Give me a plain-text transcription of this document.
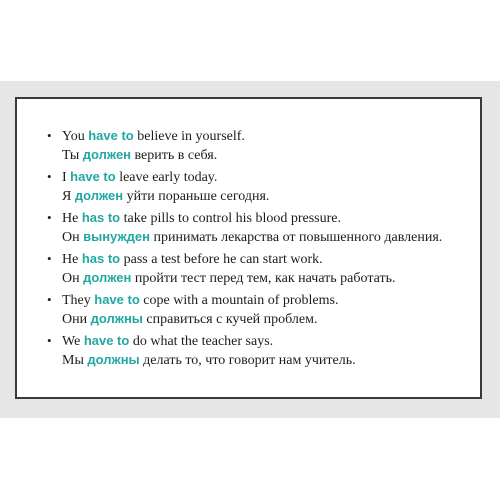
• You have to believe in yourself.
Ты должен верить в себя.
• I have to leave early today.
Я должен уйти пораньше сегодня.
• He has to take pills to control his blood pressure.
Он вынужден принимать лекарства от повышенного давления.
• He has to pass a test before he can start work.
Он должен пройти тест перед тем, как начать работать.
• They have to cope with a mountain of problems.
Они должны справиться с кучей проблем.
• We have to do what the teacher says.
Мы должны делать то, что говорит нам учитель.
